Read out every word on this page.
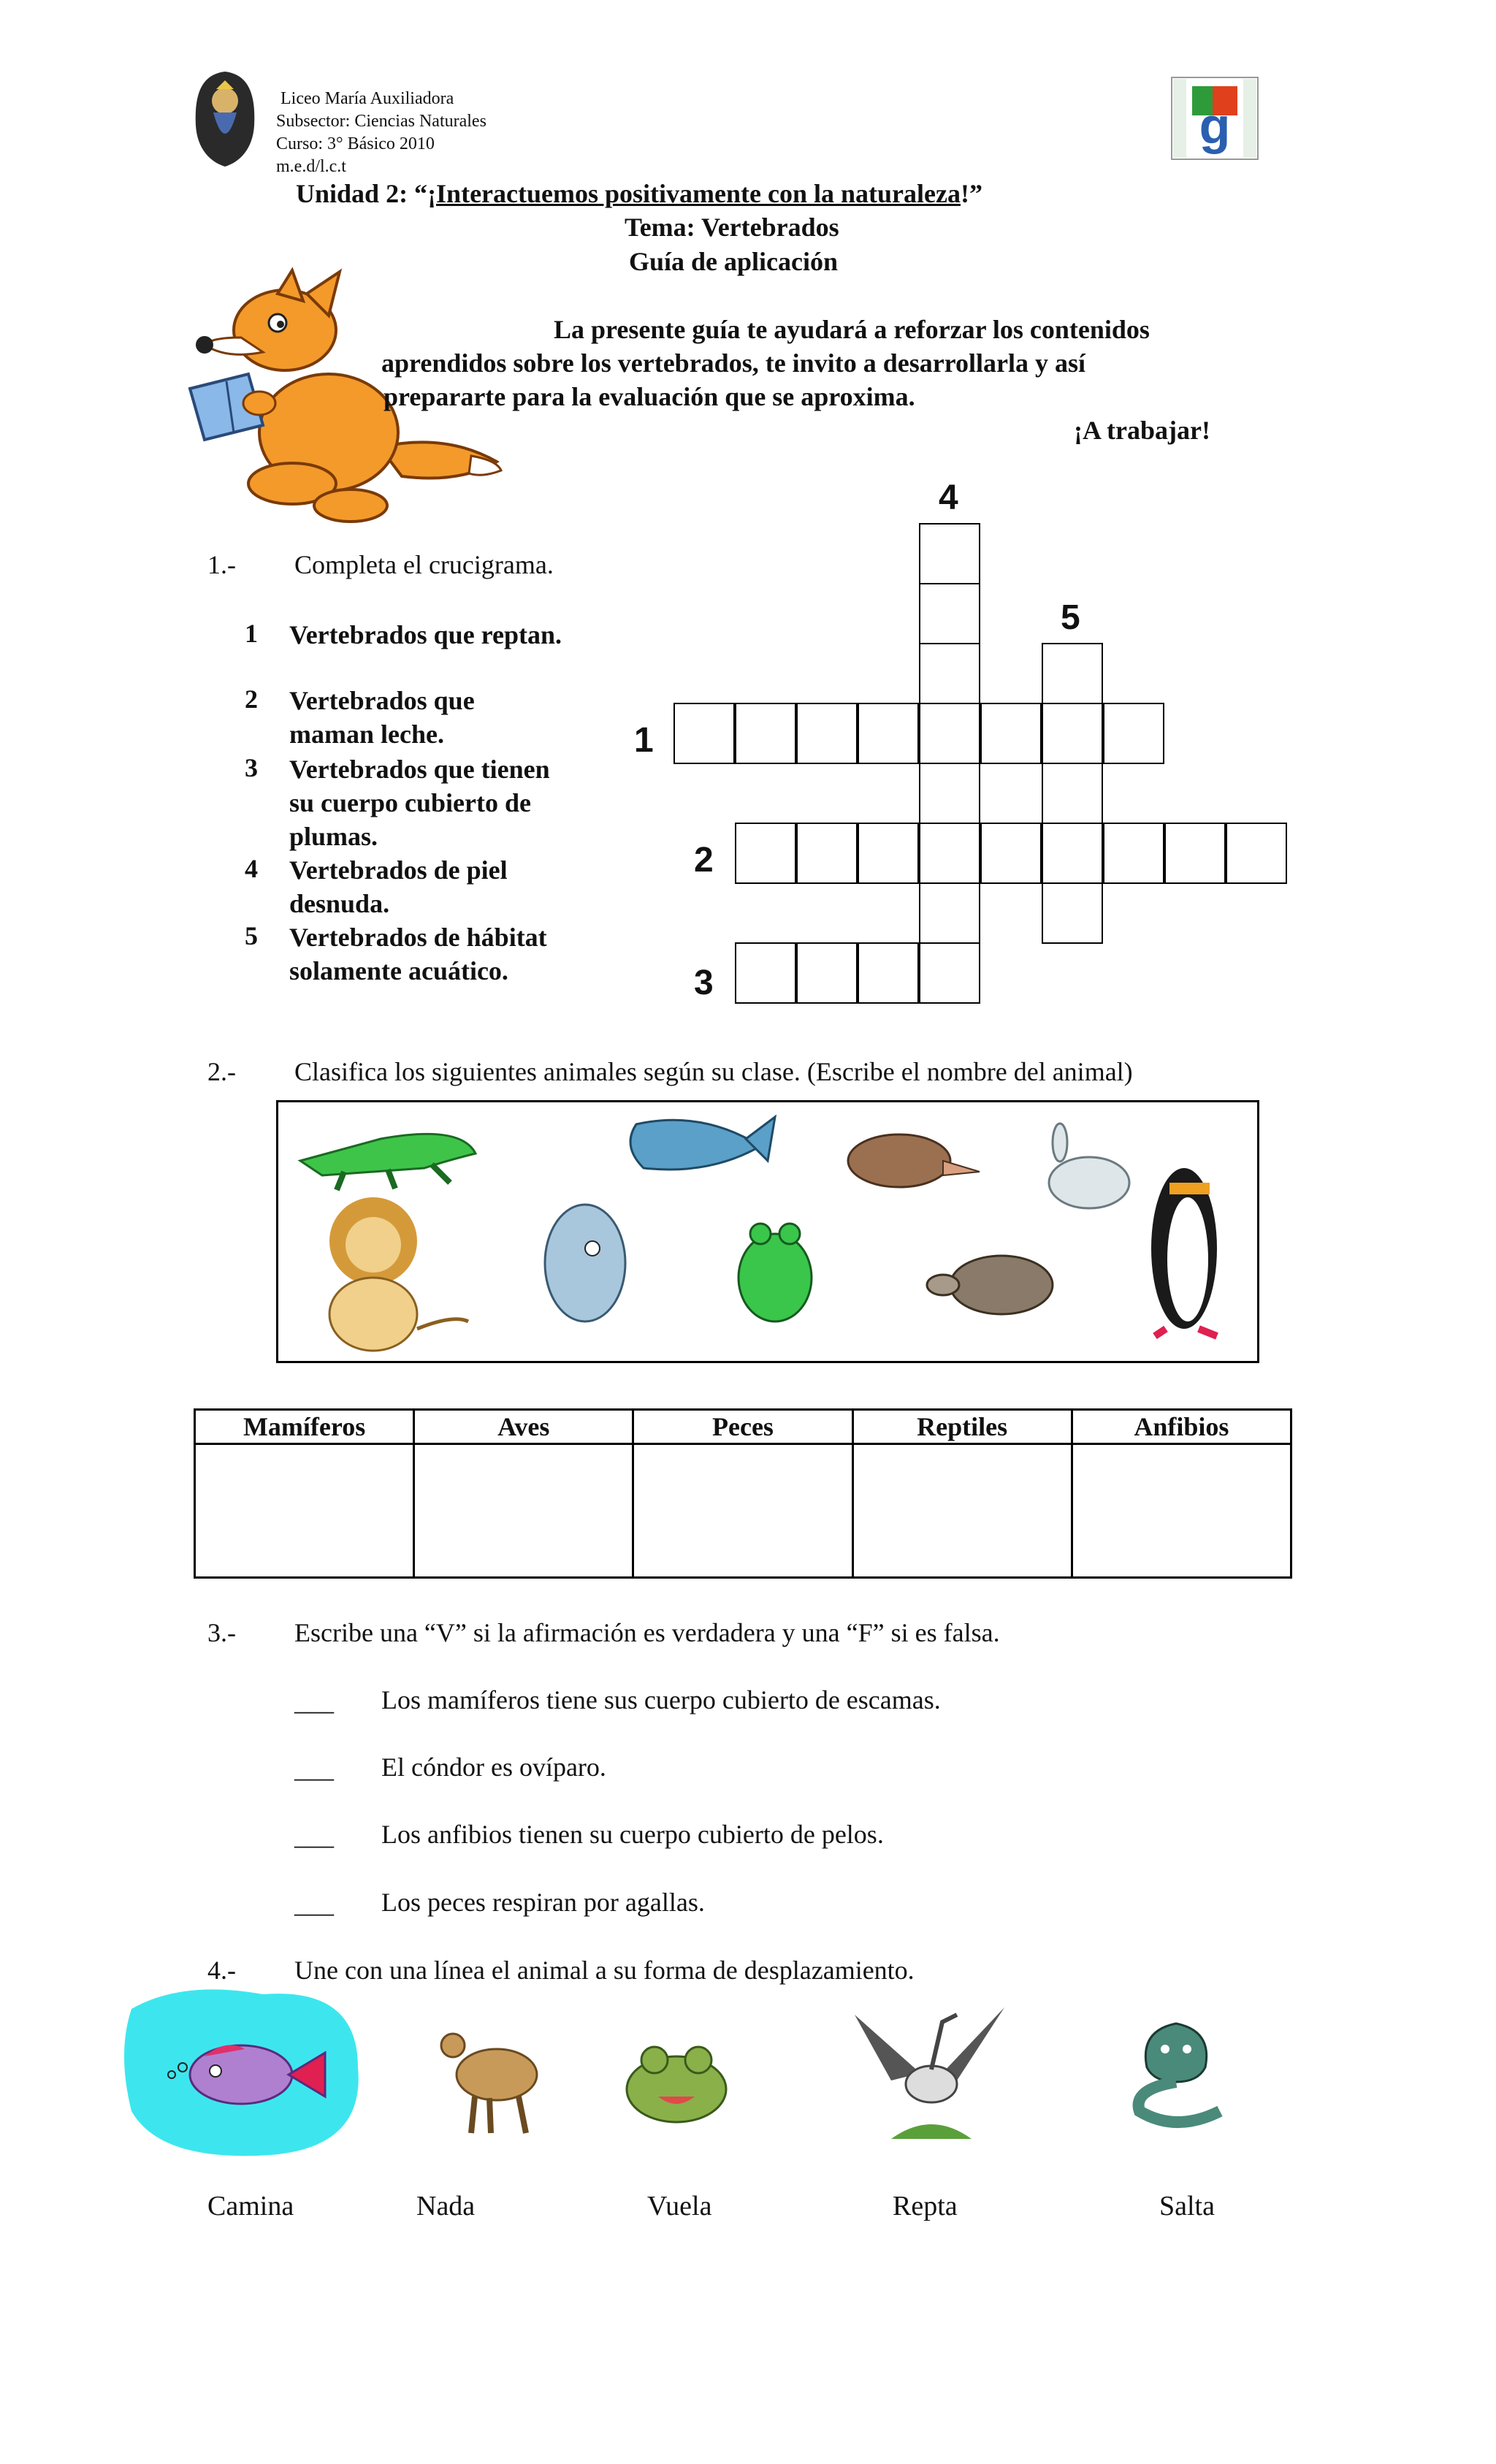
Liceo María Auxiliadora
Subsector: Ciencias Naturales
Curso: 3° Básico 2010
m.e.d/l.c.t
g
Unidad 2: “¡Interactuemos positivamente con la naturaleza!”
Tema: Vertebrados
Guía de aplicación
La presente guía te ayudará a reforzar los contenidos
aprendidos sobre los vertebrados, te invito a desarrollarla y así
prepararte para la evaluación que se aproxima.
¡A trabajar!
1.- Completa el crucigrama.
1	Vertebrados que reptan.
2	Vertebrados que
maman leche.
3	Vertebrados que tienen
su cuerpo cubierto de
plumas.
4	Vertebrados de piel
desnuda.
5	Vertebrados de hábitat
solamente acuático.
4
5
1
2
3
2.- Clasifica los siguientes animales según su clase. (Escribe el nombre del animal)
Mamíferos	Aves	Peces	Reptiles	Anfibios

3.- Escribe una “V” si la afirmación es verdadera y una “F” si es falsa.
___ Los mamíferos tiene sus cuerpo cubierto de escamas.
___ El cóndor es ovíparo.
___ Los anfibios tienen su cuerpo cubierto de pelos.
___ Los peces respiran por agallas.
4.- Une con una línea el animal a su forma de desplazamiento.
Camina	Nada	Vuela	Repta	Salta
